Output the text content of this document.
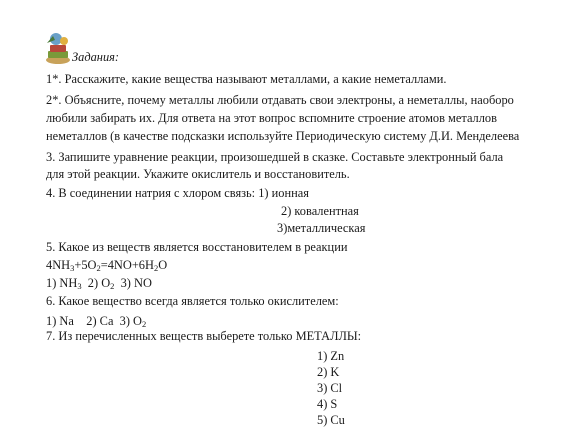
Задания:
1*. Расскажите, какие вещества называют металлами, а какие неметаллами.
2*. Объясните, почему металлы любили отдавать свои электроны, а неметаллы, наоборо
любили забирать их. Для ответа на этот вопрос вспомните строение атомов металлов
неметаллов (в качестве подсказки используйте Периодическую систему Д.И. Менделеева
3. Запишите уравнение реакции, произошедшей в сказке. Составьте электронный бала
для этой реакции. Укажите окислитель и восстановитель.
4. В соединении натрия с хлором связь: 1) ионная
2) ковалентная
3)металлическая
5. Какое из веществ является восстановителем в реакции
$4NH_3+5O_2=4NO+6H_2O$
1) $NH_3$ 2) $O_2$ 3) NO
6. Какое вещество всегда является только окислителем:
1) Na    2) Ca  3) $O_2$
7. Из перечисленных веществ выберете только МЕТАЛЛЫ:
1) Zn
2) K
3) Cl
4) S
5) Cu
